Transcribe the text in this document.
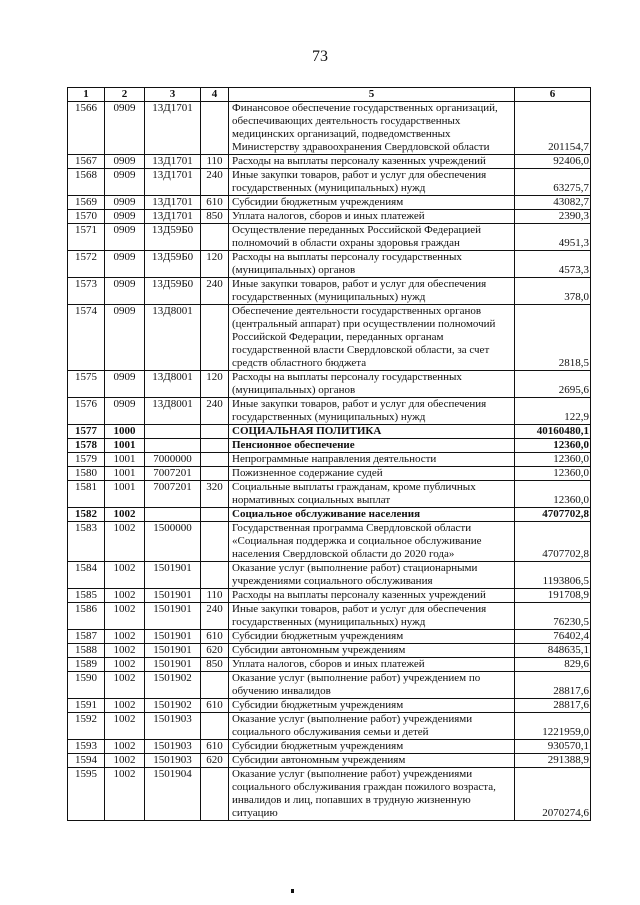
73
1	2	3	4	5	6
1566	0909	13Д1701		Финансовое обеспечение государственных организаций, обеспечивающих деятельность государственных медицинских организаций, подведомственных Министерству здравоохранения Свердловской области	201154,7
1567	0909	13Д1701	110	Расходы на выплаты персоналу казенных учреждений	92406,0
1568	0909	13Д1701	240	Иные закупки товаров, работ и услуг для обеспечения государственных (муниципальных) нужд	63275,7
1569	0909	13Д1701	610	Субсидии бюджетным учреждениям	43082,7
1570	0909	13Д1701	850	Уплата налогов, сборов и иных платежей	2390,3
1571	0909	13Д59Б0		Осуществление переданных Российской Федерацией полномочий в области охраны здоровья граждан	4951,3
1572	0909	13Д59Б0	120	Расходы на выплаты персоналу государственных (муниципальных) органов	4573,3
1573	0909	13Д59Б0	240	Иные закупки товаров, работ и услуг для обеспечения государственных (муниципальных) нужд	378,0
1574	0909	13Д8001		Обеспечение деятельности государственных органов (центральный аппарат) при осуществлении полномочий Российской Федерации, переданных органам государственной власти Свердловской области, за счет средств областного бюджета	2818,5
1575	0909	13Д8001	120	Расходы на выплаты персоналу государственных (муниципальных) органов	2695,6
1576	0909	13Д8001	240	Иные закупки товаров, работ и услуг для обеспечения государственных (муниципальных) нужд	122,9
1577	1000			СОЦИАЛЬНАЯ ПОЛИТИКА	40160480,1
1578	1001			Пенсионное обеспечение	12360,0
1579	1001	7000000		Непрограммные направления деятельности	12360,0
1580	1001	7007201		Пожизненное содержание судей	12360,0
1581	1001	7007201	320	Социальные выплаты гражданам, кроме публичных нормативных социальных выплат	12360,0
1582	1002			Социальное обслуживание населения	4707702,8
1583	1002	1500000		Государственная программа Свердловской области «Социальная поддержка и социальное обслуживание населения Свердловской области до 2020 года»	4707702,8
1584	1002	1501901		Оказание услуг (выполнение работ) стационарными учреждениями социального обслуживания	1193806,5
1585	1002	1501901	110	Расходы на выплаты персоналу казенных учреждений	191708,9
1586	1002	1501901	240	Иные закупки товаров, работ и услуг для обеспечения государственных (муниципальных) нужд	76230,5
1587	1002	1501901	610	Субсидии бюджетным учреждениям	76402,4
1588	1002	1501901	620	Субсидии автономным учреждениям	848635,1
1589	1002	1501901	850	Уплата налогов, сборов и иных платежей	829,6
1590	1002	1501902		Оказание услуг (выполнение работ) учреждением по обучению инвалидов	28817,6
1591	1002	1501902	610	Субсидии бюджетным учреждениям	28817,6
1592	1002	1501903		Оказание услуг (выполнение работ) учреждениями социального обслуживания семьи и детей	1221959,0
1593	1002	1501903	610	Субсидии бюджетным учреждениям	930570,1
1594	1002	1501903	620	Субсидии автономным учреждениям	291388,9
1595	1002	1501904		Оказание услуг (выполнение работ) учреждениями социального обслуживания граждан пожилого возраста, инвалидов и лиц, попавших в трудную жизненную ситуацию	2070274,6
